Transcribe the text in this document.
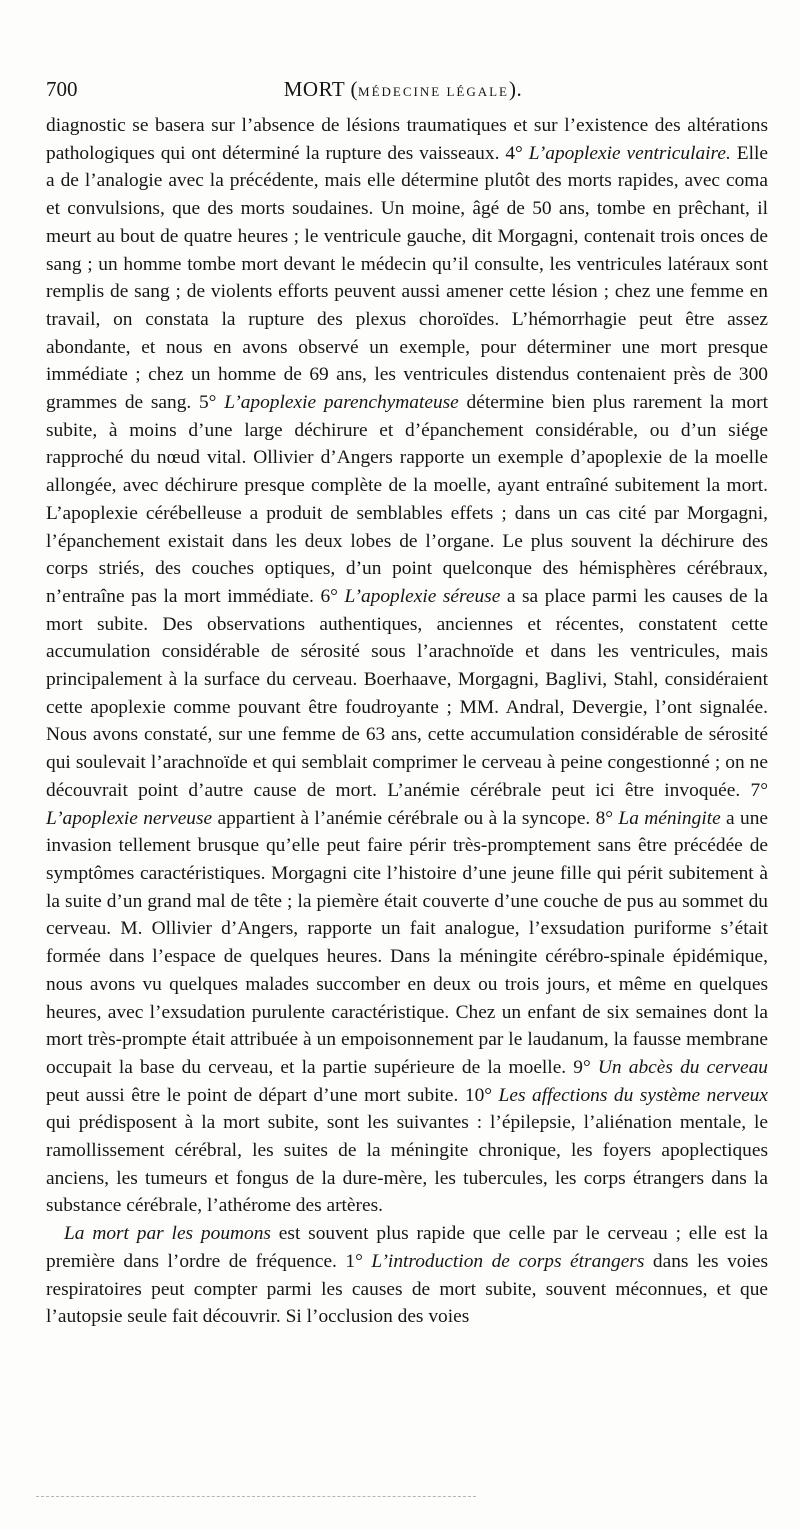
700	MORT (MÉDECINE LÉGALE).

diagnostic se basera sur l’absence de lésions traumatiques et sur l’existence des altérations pathologiques qui ont déterminé la rupture des vaisseaux. 4° L’apoplexie ventriculaire. Elle a de l’analogie avec la précédente, mais elle détermine plutôt des morts rapides, avec coma et convulsions, que des morts soudaines. Un moine, âgé de 50 ans, tombe en prêchant, il meurt au bout de quatre heures ; le ventricule gauche, dit Morgagni, contenait trois onces de sang ; un homme tombe mort devant le médecin qu’il consulte, les ventricules latéraux sont remplis de sang ; de violents efforts peuvent aussi amener cette lésion ; chez une femme en travail, on constata la rupture des plexus choroïdes. L’hémorrhagie peut être assez abondante, et nous en avons observé un exemple, pour déterminer une mort presque immédiate ; chez un homme de 69 ans, les ventricules distendus contenaient près de 300 grammes de sang. 5° L’apoplexie parenchymateuse détermine bien plus rarement la mort subite, à moins d’une large déchirure et d’épanchement considérable, ou d’un siége rapproché du nœud vital. Ollivier d’Angers rapporte un exemple d’apoplexie de la moelle allongée, avec déchirure presque complète de la moelle, ayant entraîné subitement la mort. L’apoplexie cérébelleuse a produit de semblables effets ; dans un cas cité par Morgagni, l’épanchement existait dans les deux lobes de l’organe. Le plus souvent la déchirure des corps striés, des couches optiques, d’un point quelconque des hémisphères cérébraux, n’entraîne pas la mort immédiate. 6° L’apoplexie séreuse a sa place parmi les causes de la mort subite. Des observations authentiques, anciennes et récentes, constatent cette accumulation considérable de sérosité sous l’arachnoïde et dans les ventricules, mais principalement à la surface du cerveau. Boerhaave, Morgagni, Baglivi, Stahl, considéraient cette apoplexie comme pouvant être foudroyante ; MM. Andral, Devergie, l’ont signalée. Nous avons constaté, sur une femme de 63 ans, cette accumulation considérable de sérosité qui soulevait l’arachnoïde et qui semblait comprimer le cerveau à peine congestionné ; on ne découvrait point d’autre cause de mort. L’anémie cérébrale peut ici être invoquée. 7° L’apoplexie nerveuse appartient à l’anémie cérébrale ou à la syncope. 8° La méningite a une invasion tellement brusque qu’elle peut faire périr très-promptement sans être précédée de symptômes caractéristiques. Morgagni cite l’histoire d’une jeune fille qui périt subitement à la suite d’un grand mal de tête ; la piemère était couverte d’une couche de pus au sommet du cerveau. M. Ollivier d’Angers, rapporte un fait analogue, l’exsudation puriforme s’était formée dans l’espace de quelques heures. Dans la méningite cérébro-spinale épidémique, nous avons vu quelques malades succomber en deux ou trois jours, et même en quelques heures, avec l’exsudation purulente caractéristique. Chez un enfant de six semaines dont la mort très-prompte était attribuée à un empoisonnement par le laudanum, la fausse membrane occupait la base du cerveau, et la partie supérieure de la moelle. 9° Un abcès du cerveau peut aussi être le point de départ d’une mort subite. 10° Les affections du système nerveux qui prédisposent à la mort subite, sont les suivantes : l’épilepsie, l’aliénation mentale, le ramollissement cérébral, les suites de la méningite chronique, les foyers apoplectiques anciens, les tumeurs et fongus de la dure-mère, les tubercules, les corps étrangers dans la substance cérébrale, l’athérome des artères.

La mort par les poumons est souvent plus rapide que celle par le cerveau ; elle est la première dans l’ordre de fréquence. 1° L’introduction de corps étrangers dans les voies respiratoires peut compter parmi les causes de mort subite, souvent méconnues, et que l’autopsie seule fait découvrir. Si l’occlusion des voies
